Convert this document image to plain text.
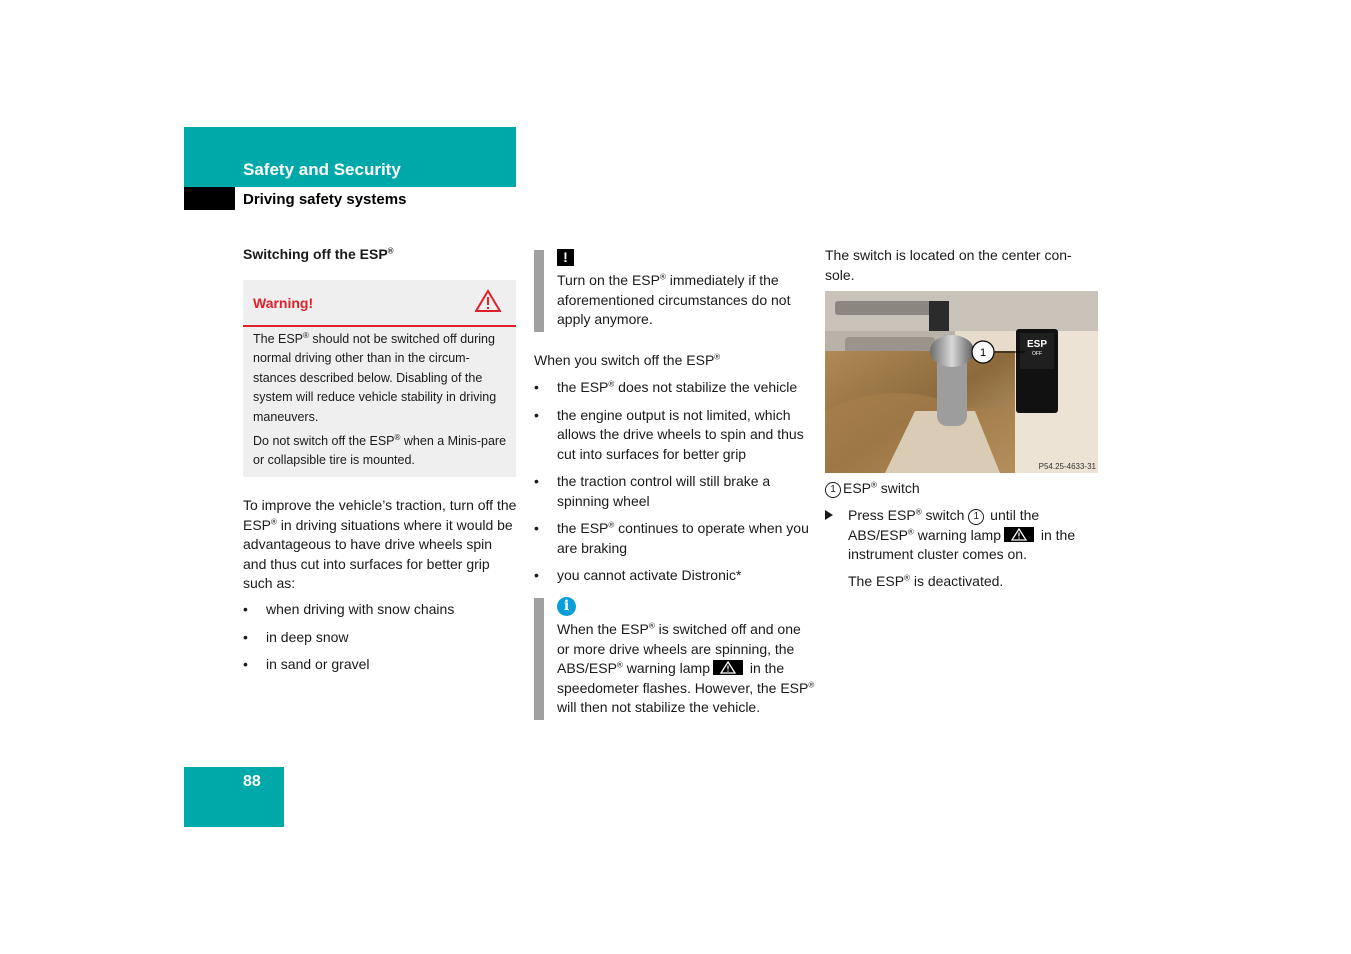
Safety and Security
Driving safety systems
Switching off the ESP®
Warning!
The ESP® should not be switched off during normal driving other than in the circum-stances described below. Disabling of the system will reduce vehicle stability in driving maneuvers.
Do not switch off the ESP® when a Minis-pare or collapsible tire is mounted.
To improve the vehicle’s traction, turn off the ESP® in driving situations where it would be advantageous to have drive wheels spin and thus cut into surfaces for better grip such as:
• when driving with snow chains
• in deep snow
• in sand or gravel
!
Turn on the ESP® immediately if the aforementioned circumstances do not apply anymore.
When you switch off the ESP®
• the ESP® does not stabilize the vehicle
• the engine output is not limited, which allows the drive wheels to spin and thus cut into surfaces for better grip
• the traction control will still brake a spinning wheel
• the ESP® continues to operate when you are braking
• you cannot activate Distronic*
i
When the ESP® is switched off and one or more drive wheels are spinning, the ABS/ESP® warning lamp	in the speedometer flashes. However, the ESP® will then not stabilize the vehicle.
The switch is located on the center con-sole.
ESP
OFF
1
P54.25-4633-31
1 ESP® switch
Press ESP® switch 1 until the ABS/ESP® warning lamp	in the instrument cluster comes on.
The ESP® is deactivated.
88
